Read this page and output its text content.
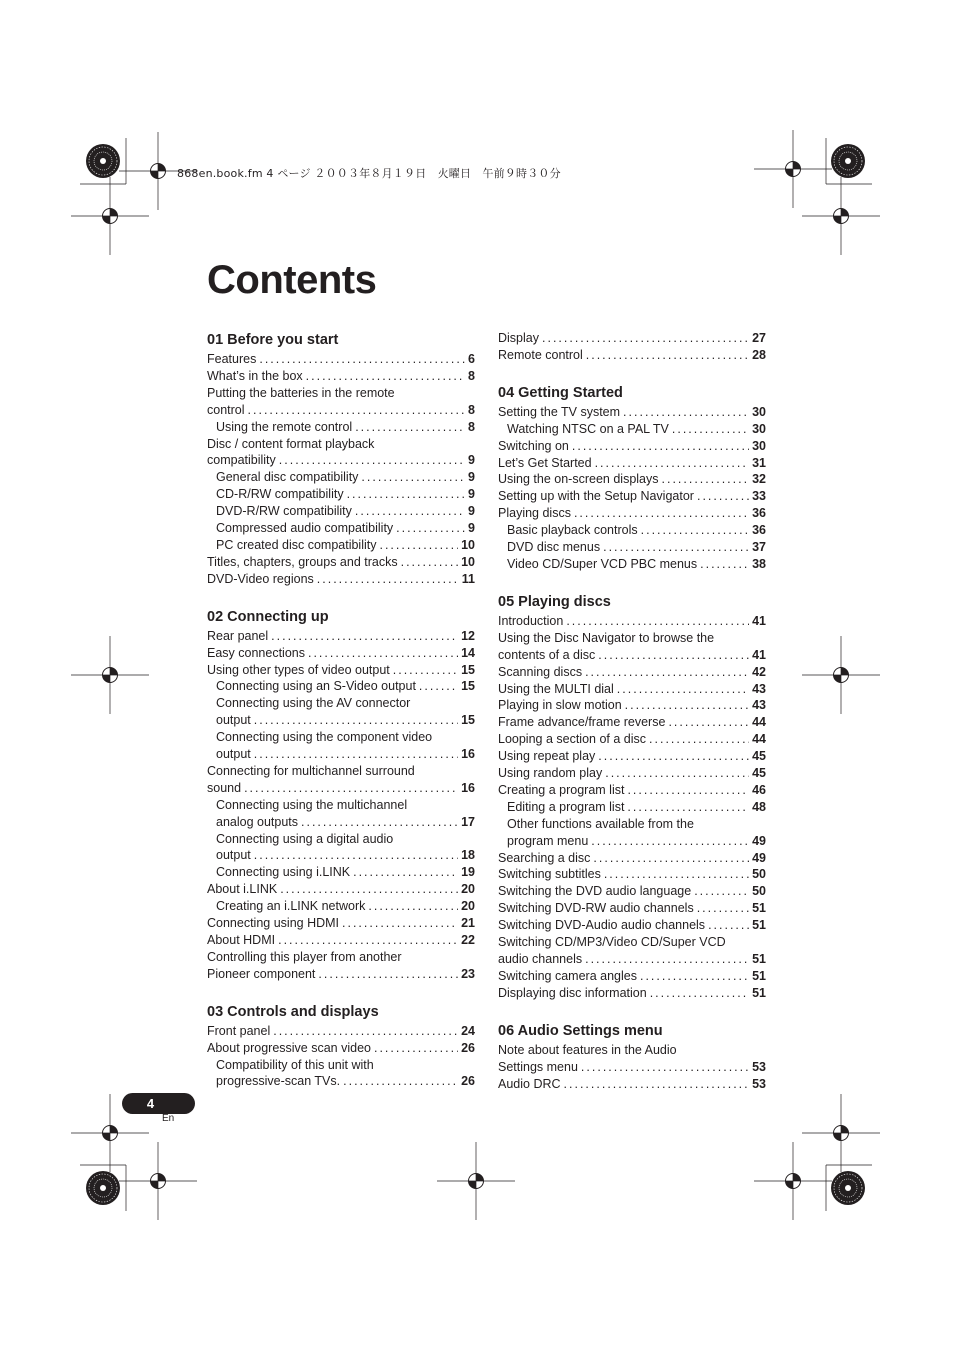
868en.book.fm 4 ページ ２００３年８月１９日　火曜日　午前９時３０分
Contents
01 Before you start
Features .....	6
What’s in the box .....	8
Putting the batteries in the remote
control .....	8
Using the remote control .....	8
Disc / content format playback
compatibility .....	9
General disc compatibility .....	9
CD-R/RW compatibility .....	9
DVD-R/RW compatibility .....	9
Compressed audio compatibility .....	9
PC created disc compatibility .....	10
Titles, chapters, groups and tracks .....	10
DVD-Video regions .....	11
02 Connecting up
Rear panel .....	12
Easy connections .....	14
Using other types of video output .....	15
Connecting using an S-Video output .....	15
Connecting using the AV connector
output .....	15
Connecting using the component video
output .....	16
Connecting for multichannel surround
sound .....	16
Connecting using the multichannel
analog outputs .....	17
Connecting using a digital audio
output .....	18
Connecting using i.LINK .....	19
About i.LINK .....	20
Creating an i.LINK network .....	20
Connecting using HDMI .....	21
About HDMI .....	22
Controlling this player from another
Pioneer component .....	23
03 Controls and displays
Front panel .....	24
About progressive scan video .....	26
Compatibility of this unit with
progressive-scan TVs. .....	26
Display .....	27
Remote control .....	28
04 Getting Started
Setting the TV system .....	30
Watching NTSC on a PAL TV .....	30
Switching on .....	30
Let’s Get Started .....	31
Using the on-screen displays .....	32
Setting up with the Setup Navigator .....	33
Playing discs .....	36
Basic playback controls .....	36
DVD disc menus .....	37
Video CD/Super VCD PBC menus .....	38
05 Playing discs
Introduction .....	41
Using the Disc Navigator to browse the
contents of a disc .....	41
Scanning discs .....	42
Using the MULTI dial .....	43
Playing in slow motion .....	43
Frame advance/frame reverse .....	44
Looping a section of a disc .....	44
Using repeat play .....	45
Using random play .....	45
Creating a program list .....	46
Editing a program list .....	48
Other functions available from the
program menu .....	49
Searching a disc .....	49
Switching subtitles .....	50
Switching the DVD audio language .....	50
Switching DVD-RW audio channels .....	51
Switching DVD-Audio audio channels .....	51
Switching CD/MP3/Video CD/Super VCD
audio channels .....	51
Switching camera angles .....	51
Displaying disc information .....	51
06 Audio Settings menu
Note about features in the Audio
Settings menu .....	53
Audio DRC .....	53
4
En
